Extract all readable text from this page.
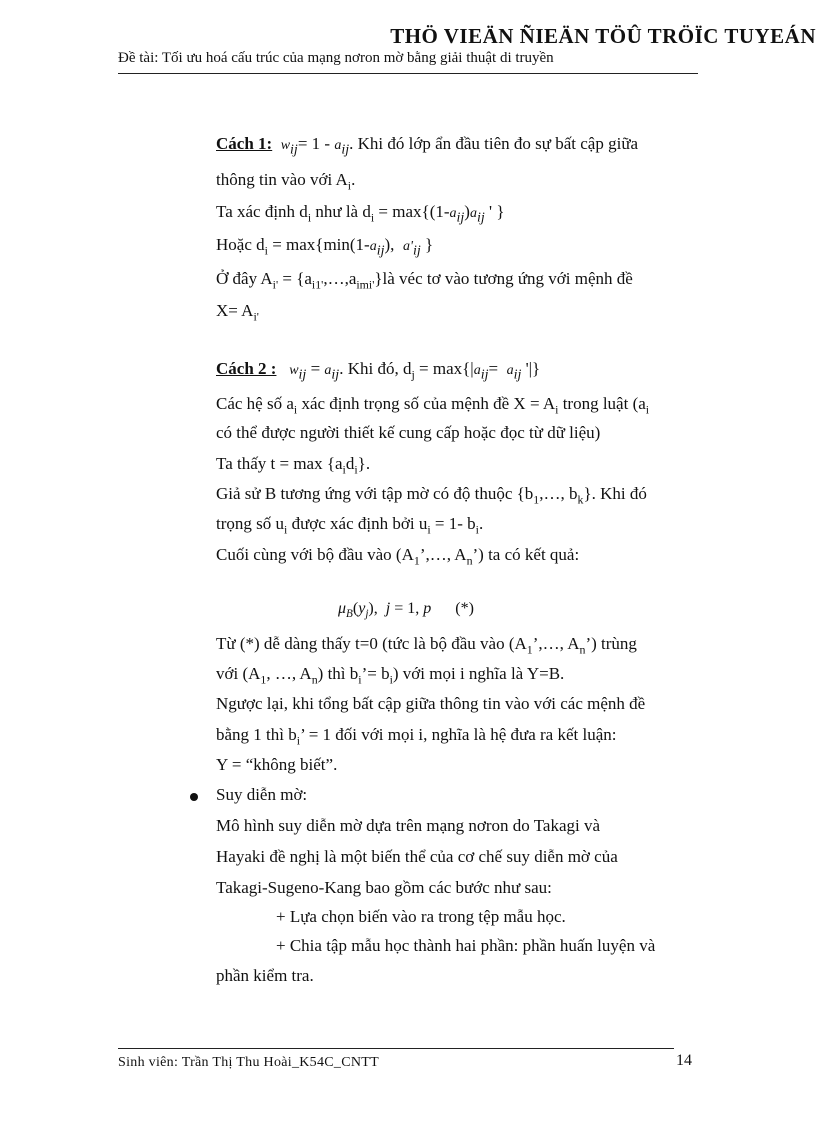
THÖ VIEÄN ÑIEÄN TÖÛ TRÖÏC TUYEÁN
Đề tài: Tối ưu hoá cấu trúc của mạng nơron mờ bằng giải thuật di truyền
Cách 1: $w_{ij}= 1 - a_{ij}$. Khi đó lớp ẩn đầu tiên đo sự bất cập giữa
thông tin vào với $A_i$.
Ta xác định $d_i$ như là $d_i = \max\{(1-a_{ij})a_{ij}$ ' }
Hoặc $d_i = \max\{\min(1-a_{ij})$,  $a'_{ij}$ }
Ở đây $A_{i'}$ = $\{a_{i1'},\dots,a_{imi'}\}là$ véc tơ vào tương ứng với mệnh đề
$X= A_{i'}$
Cách 2 : $w_{ij} = a_{ij}$. Khi đó, $d_j = \max\{|a_{ij}= a_{ij}$ '|}
Các hệ số $a_i$ xác định trọng số của mệnh đề $X = A_i$ trong luật ($a_i$
có thể được người thiết kế cung cấp hoặc đọc từ dữ liệu)
Ta thấy $t = \max \{a_id_i\}$.
Giả sử B tương ứng với tập mờ có độ thuộc {$b_1,\dots$, $b_k$}. Khi đó
trọng số $u_i$ được xác định bởi $u_i = 1-$ $b_i$.
Cuối cùng với bộ đầu vào ($A_1’,\dots$, $A_n$’) ta có kết quả:
$\mu_B(y_j)$,  j = 1, p (*)
Từ (*) dễ dàng thấy t=0 (tức là bộ đầu vào ($A_1’,\dots$, $A_n$’) trùng
với ($A_1$, …, $A_n$) thì $b_i’= b_i$) với mọi i nghĩa là Y=B.
Ngược lại, khi tổng bất cập giữa thông tin vào với các mệnh đề
bằng 1 thì $b_i$’ = 1 đối với mọi i, nghĩa là hệ đưa ra kết luận:
Y = “không biết”.
Suy diễn mờ:
Mô hình suy diễn mờ dựa trên mạng nơron do Takagi và
Hayaki đề nghị là một biến thể của cơ chế suy diễn mờ của
Takagi-Sugeno-Kang bao gồm các bước như sau:
+ Lựa chọn biến vào ra trong tệp mẫu học.
+ Chia tập mẫu học thành hai phần: phần huấn luyện và
phần kiểm tra.
Sinh viên: Trần Thị Thu Hoài_K54C_CNTT	14
